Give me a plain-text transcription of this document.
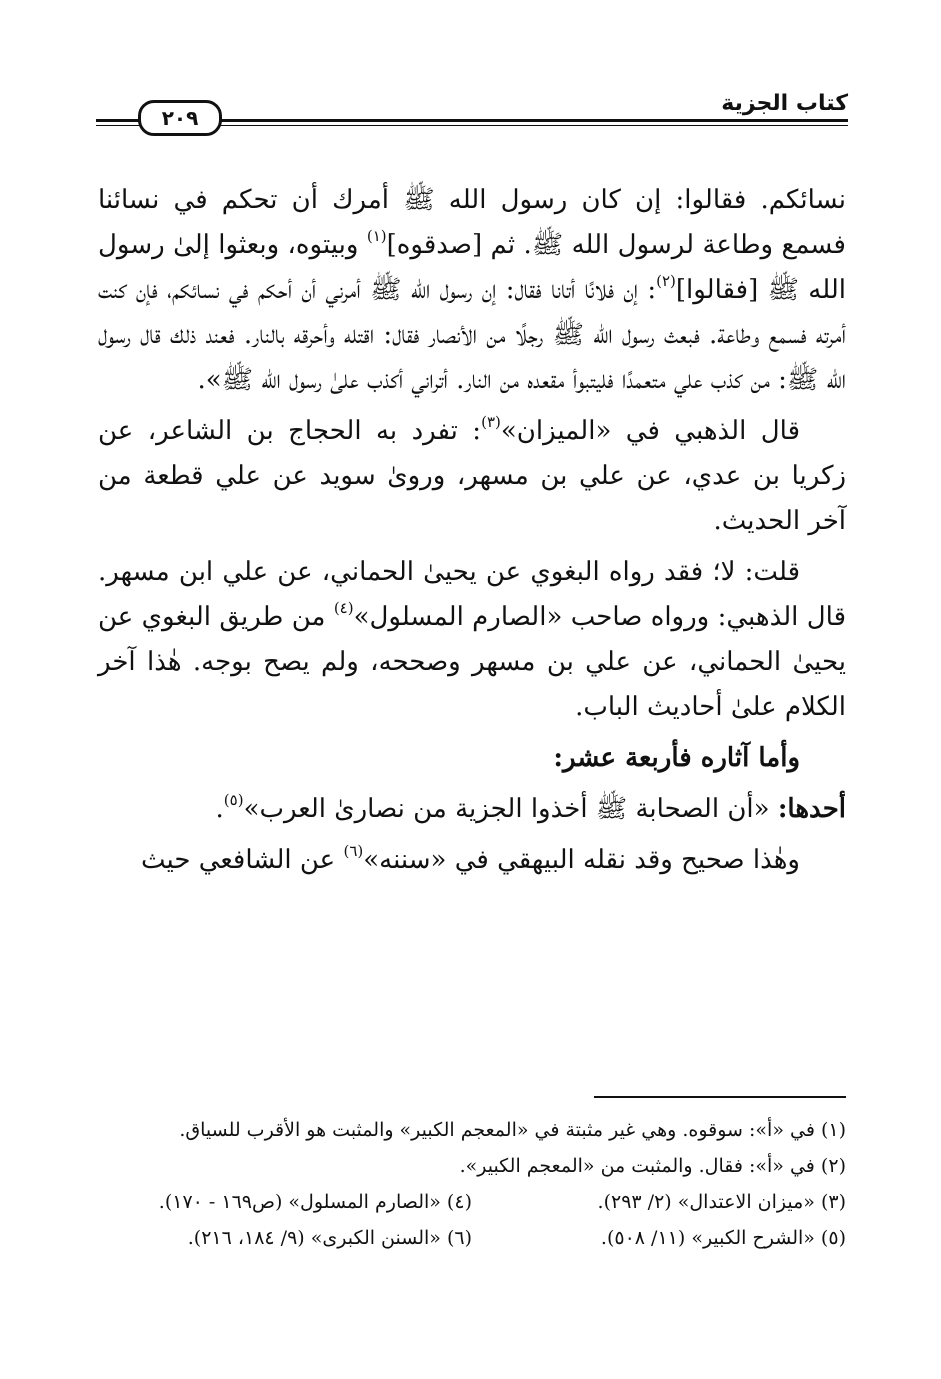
كتاب الجزية
٢٠٩

نسائكم. فقالوا: إن كان رسول الله ﷺ أمرك أن تحكم في نسائنا فسمع وطاعة لرسول الله ﷺ. ثم [صدقوه]$^{(١)}$ وبيتوه، وبعثوا إلىٰ رسول الله ﷺ [فقالوا]$^{(٢)}$: إن فلانًا أتانا فقال: إن رسول الله ﷺ أمرني أن أحكم في نسائكم، فإن كنت أمرته فسمع وطاعة. فبعث رسول الله ﷺ رجلًا من الأنصار فقال: اقتله وأحرقه بالنار. فعند ذلك قال رسول الله ﷺ: من كذب علي متعمدًا فليتبوأ مقعده من النار. أتراني أكذب علىٰ رسول الله ﷺ».

قال الذهبي في «الميزان»$^{(٣)}$: تفرد به الحجاج بن الشاعر، عن زكريا بن عدي، عن علي بن مسهر، وروىٰ سويد عن علي قطعة من آخر الحديث.

قلت: لا؛ فقد رواه البغوي عن يحيىٰ الحماني، عن علي ابن مسهر. قال الذهبي: ورواه صاحب «الصارم المسلول»$^{(٤)}$ من طريق البغوي عن يحيىٰ الحماني، عن علي بن مسهر وصححه، ولم يصح بوجه. هٰذا آخر الكلام علىٰ أحاديث الباب.

وأما آثاره فأربعة عشر:

أحدها: «أن الصحابة ﷺ أخذوا الجزية من نصارىٰ العرب»$^{(٥)}$.

وهٰذا صحيح وقد نقله البيهقي في «سننه»$^{(٦)}$ عن الشافعي حيث

(١) في «أ»: سوقوه. وهي غير مثبتة في «المعجم الكبير» والمثبت هو الأقرب للسياق.
(٢) في «أ»: فقال. والمثبت من «المعجم الكبير».
(٣) «ميزان الاعتدال» (٢/ ٢٩٣).
(٤) «الصارم المسلول» (ص١٦٩ - ١٧٠).
(٥) «الشرح الكبير» (١١/ ٥٠٨).
(٦) «السنن الكبرى» (٩/ ١٨٤، ٢١٦).
